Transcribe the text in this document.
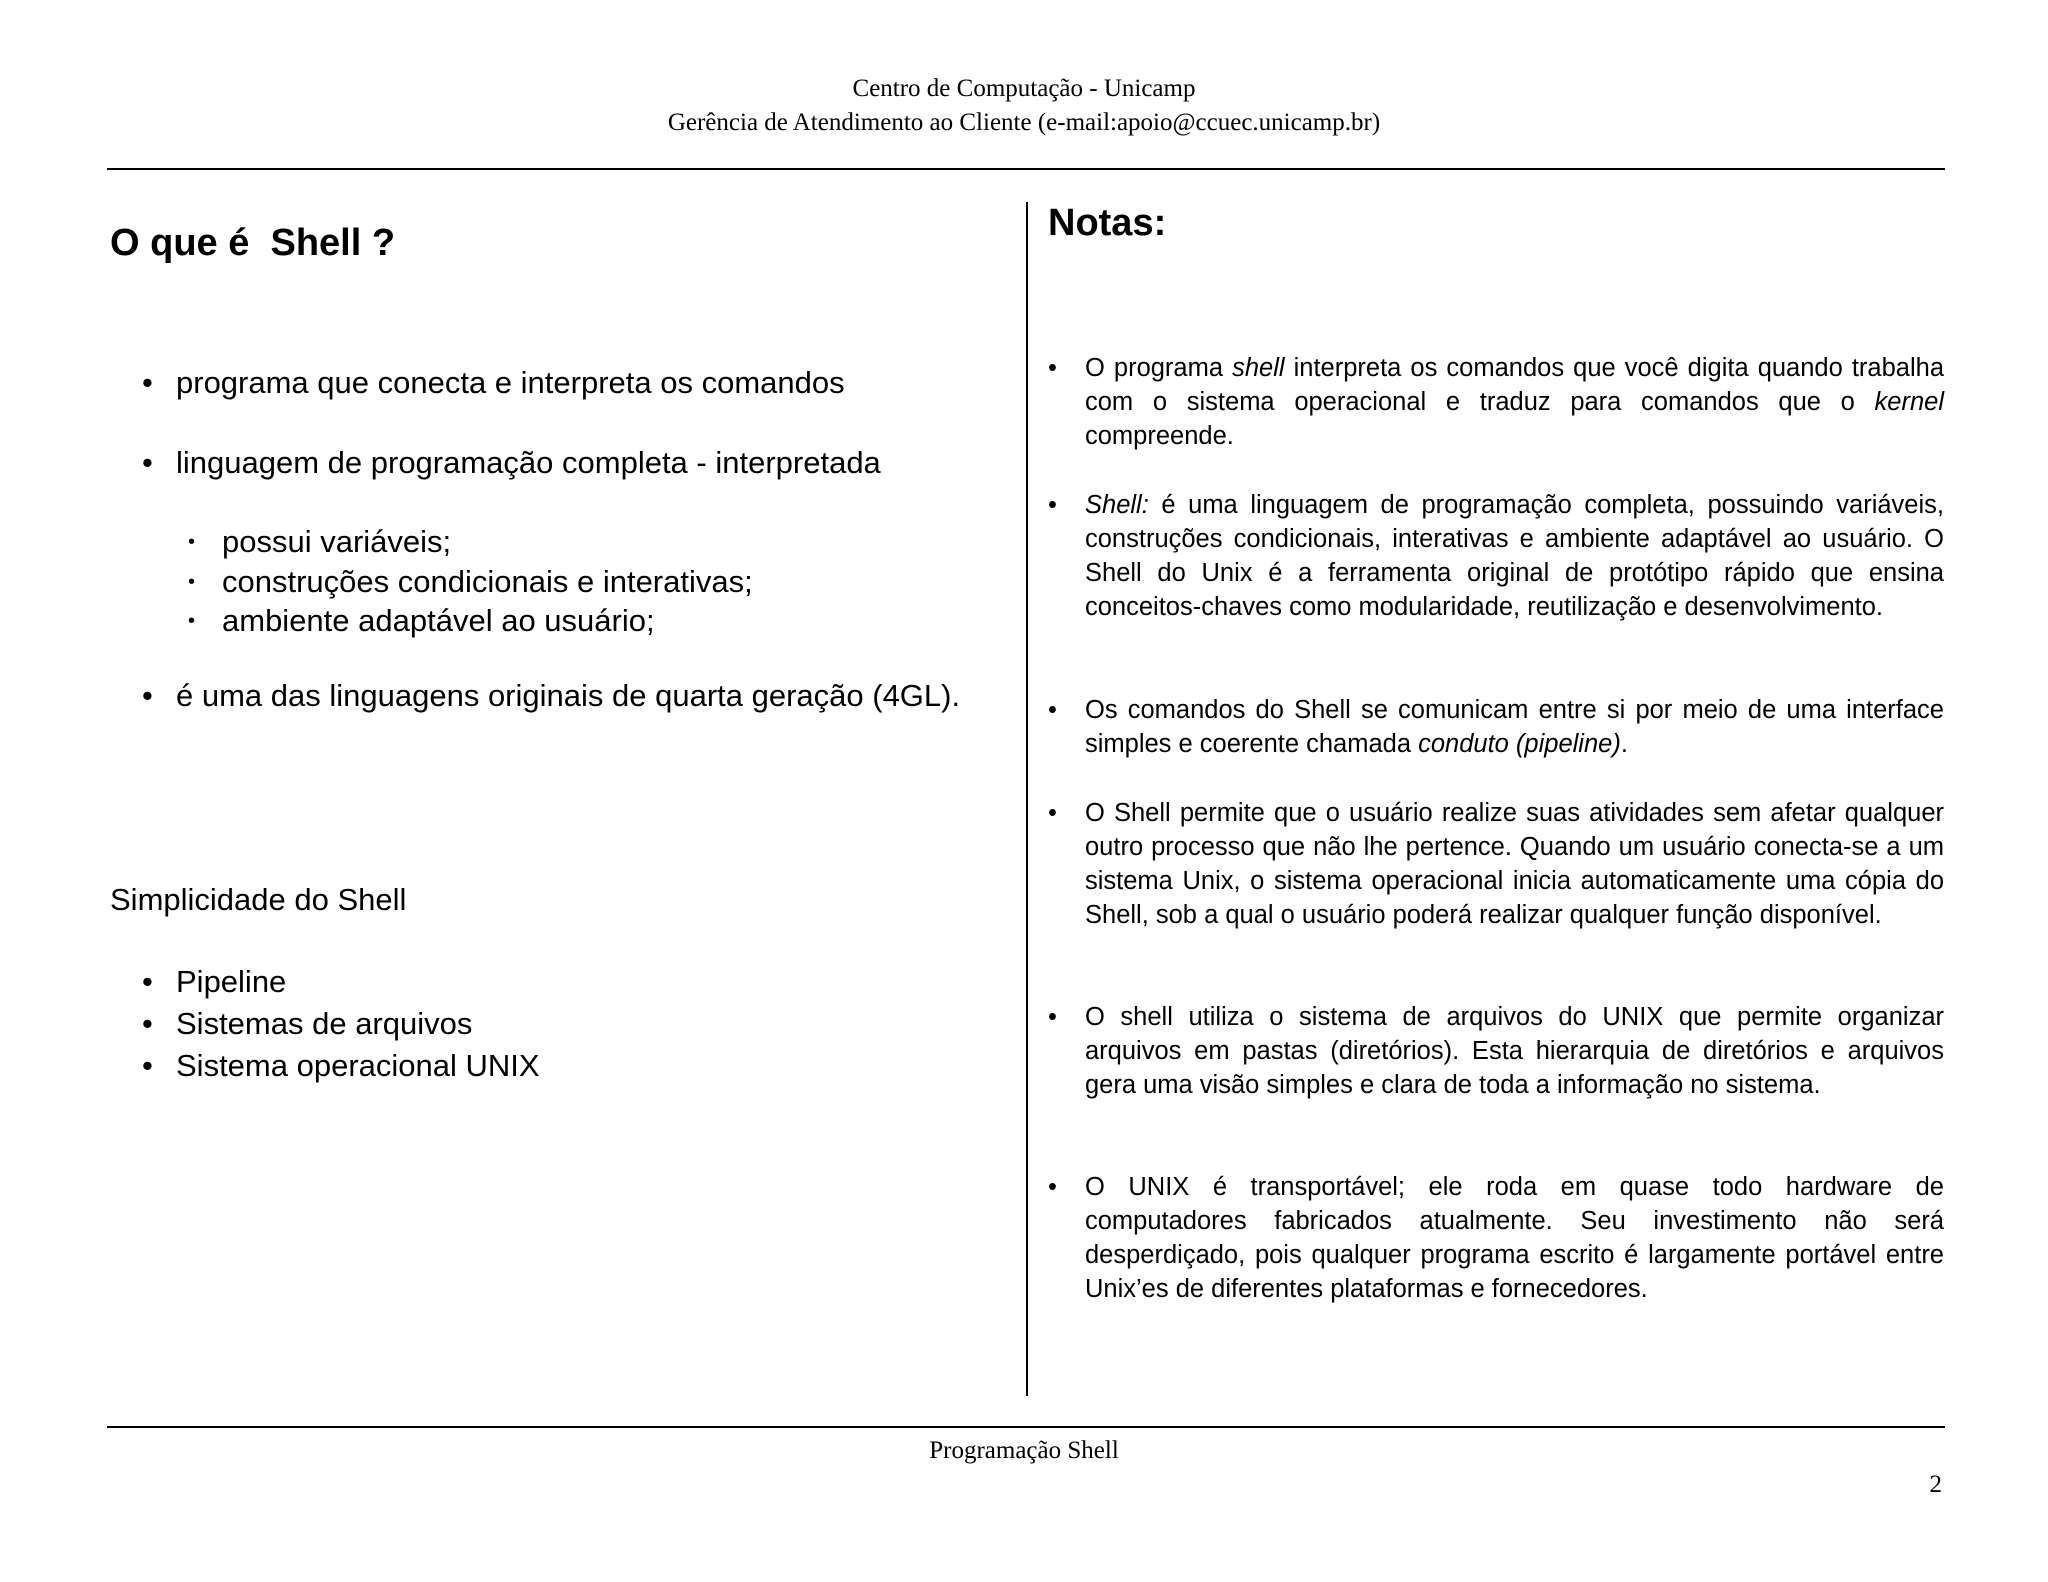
Centro de Computação - Unicamp
Gerência de Atendimento ao Cliente (e-mail:apoio@ccuec.unicamp.br)
O que é  Shell ?
• programa que conecta e interpreta os comandos
• linguagem de programação completa - interpretada
• possui variáveis;
• construções condicionais e interativas;
• ambiente adaptável ao usuário;
• é uma das linguagens originais de quarta geração (4GL).
Simplicidade do Shell
• Pipeline
• Sistemas de arquivos
• Sistema operacional UNIX
Notas:
• O programa shell interpreta os comandos que você digita quando trabalha com o sistema operacional e traduz para comandos que o kernel compreende.
• Shell: é uma linguagem de programação completa, possuindo variáveis, construções condicionais, interativas e ambiente adaptável ao usuário. O Shell do Unix é a ferramenta original de protótipo rápido que ensina conceitos-chaves como modularidade, reutilização e desenvolvimento.
• Os comandos do Shell se comunicam entre si por meio de uma interface simples e coerente chamada conduto (pipeline).
• O Shell permite que o usuário realize suas atividades sem afetar qualquer outro processo que não lhe pertence. Quando um usuário conecta-se a um sistema Unix, o sistema operacional inicia automaticamente uma cópia do Shell, sob a qual o usuário poderá realizar qualquer função disponível.
• O shell utiliza o sistema de arquivos do UNIX que permite organizar arquivos em pastas (diretórios). Esta hierarquia de diretórios e arquivos gera uma visão simples e clara de toda a informação no sistema.
• O UNIX é transportável; ele roda em quase todo hardware de computadores fabricados atualmente. Seu investimento não será desperdiçado, pois qualquer programa escrito é largamente portável entre Unix’es de diferentes plataformas e fornecedores.
Programação Shell
2
